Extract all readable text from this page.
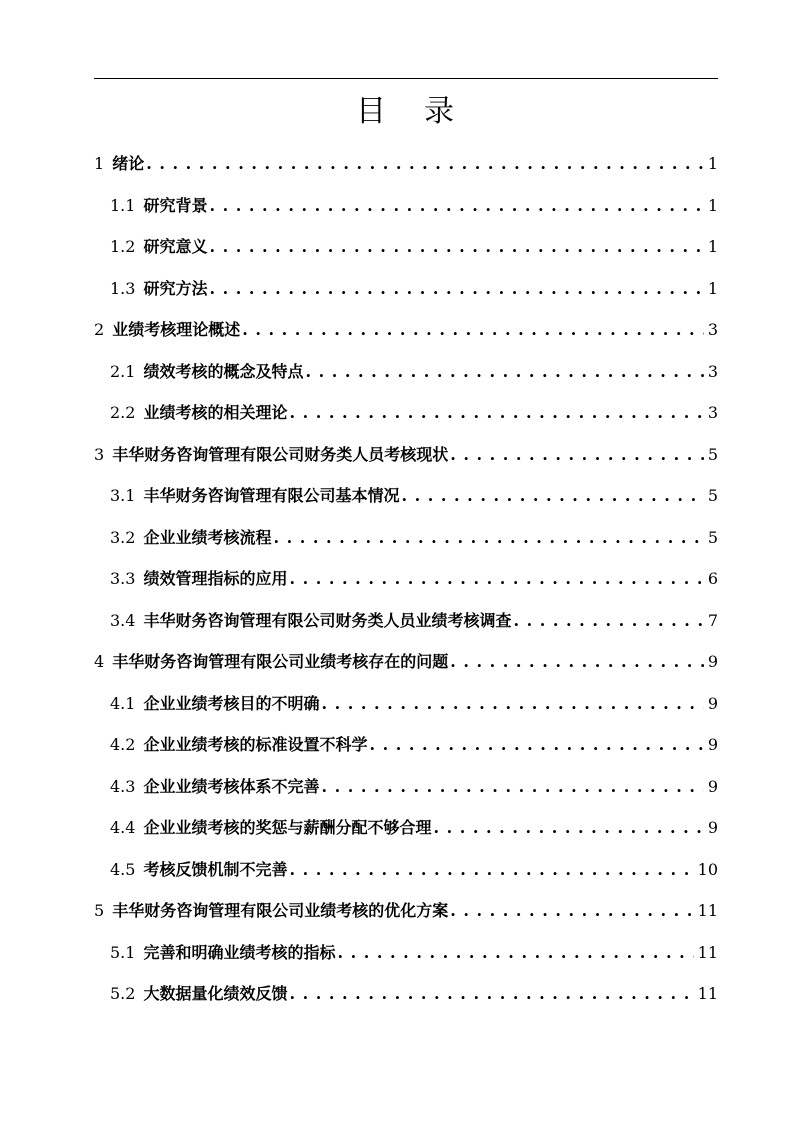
目 录
1 绪论 . . .	1
1.1 研究背景 . . .	1
1.2 研究意义 . . .	1
1.3 研究方法 . . .	1
2 业绩考核理论概述 . . .	3
2.1 绩效考核的概念及特点 . . .	3
2.2 业绩考核的相关理论 . . .	3
3 丰华财务咨询管理有限公司财务类人员考核现状 . . .	5
3.1 丰华财务咨询管理有限公司基本情况 . . .	5
3.2 企业业绩考核流程 . . .	5
3.3 绩效管理指标的应用 . . .	6
3.4 丰华财务咨询管理有限公司财务类人员业绩考核调查 . . .	7
4 丰华财务咨询管理有限公司业绩考核存在的问题 . . .	9
4.1 企业业绩考核目的不明确 . . .	9
4.2 企业业绩考核的标准设置不科学 . . .	9
4.3 企业业绩考核体系不完善 . . .	9
4.4 企业业绩考核的奖惩与薪酬分配不够合理 . . .	9
4.5 考核反馈机制不完善 . . .	10
5 丰华财务咨询管理有限公司业绩考核的优化方案 . . .	11
5.1 完善和明确业绩考核的指标 . . .	11
5.2 大数据量化绩效反馈 . . .	11
